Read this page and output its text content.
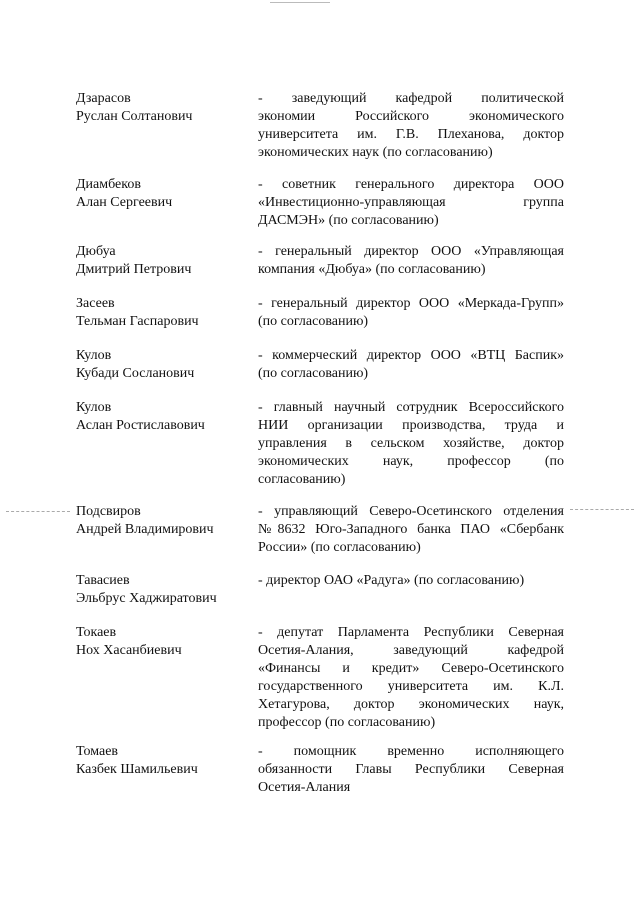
Дзарасов
Руслан Солтанович
- заведующий кафедрой политической
экономии Российского экономического
университета им. Г.В. Плеханова, доктор
экономических наук (по согласованию)
Диамбеков
Алан Сергеевич
- советник генерального директора ООО
«Инвестиционно-управляющая группа
ДАСМЭН» (по согласованию)
Дюбуа
Дмитрий Петрович
- генеральный директор ООО «Управляющая
компания «Дюбуа» (по согласованию)
Засеев
Тельман Гаспарович
- генеральный директор ООО «Меркада-Групп»
(по согласованию)
Кулов
Кубади Сосланович
- коммерческий директор ООО «ВТЦ Баспик»
(по согласованию)
Кулов
Аслан Ростиславович
- главный научный сотрудник Всероссийского
НИИ организации производства, труда и
управления в сельском хозяйстве, доктор
экономических наук, профессор (по
согласованию)
Подсвиров
Андрей Владимирович
- управляющий Северо-Осетинского отделения
№8632 Юго-Западного банка ПАО «Сбербанк
России» (по согласованию)
Тавасиев
Эльбрус Хаджиратович
- директор ОАО «Радуга» (по согласованию)
Токаев
Нох Хасанбиевич
- депутат Парламента Республики Северная
Осетия-Алания, заведующий кафедрой
«Финансы и кредит» Северо-Осетинского
государственного университета им. К.Л.
Хетагурова, доктор экономических наук,
профессор (по согласованию)
Томаев
Казбек Шамильевич
- помощник временно исполняющего
обязанности Главы Республики Северная
Осетия-Алания
